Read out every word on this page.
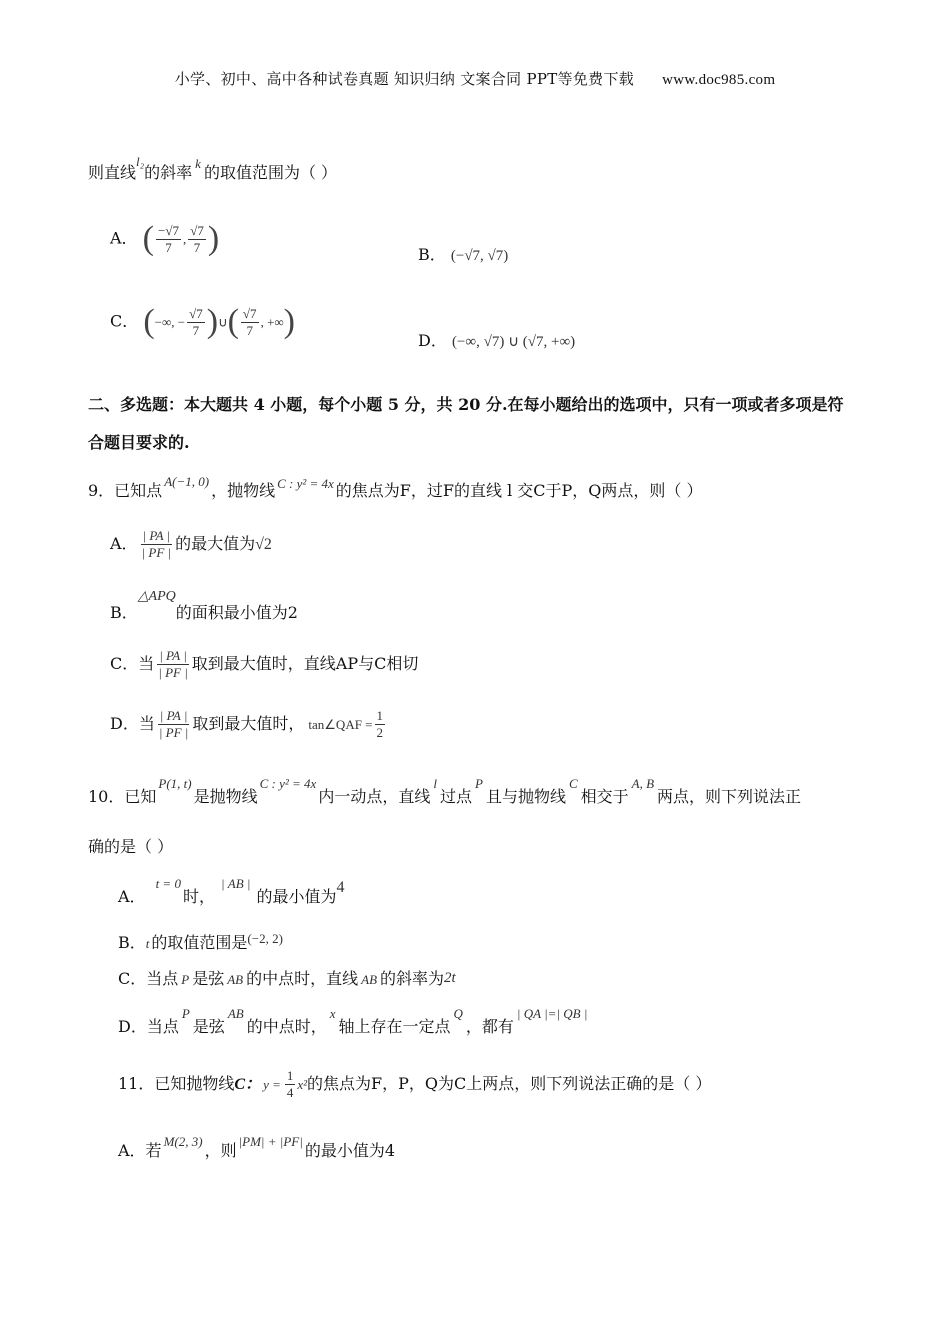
小学、初中、高中各种试卷真题 知识归纳 文案合同 PPT等免费下载 www.doc985.com
则直线$^{l_2}$的斜率 $^k$ 的取值范围为（ ）
A． ( $\frac{-√7}{7}$ , $\frac{√7}{7}$ )	B． (−√7, √7)
C． (−∞, − $\frac{√7}{7}$ )∪( $\frac{√7}{7}$ , +∞)
D． (−∞, √7) ∪ (√7, +∞)
二、多选题：本大题共 4 小题，每个小题 5 分，共 20 分.在每小题给出的选项中，只有一项或者多项是符
合题目要求的.
9．已知点 $^{A(-1, 0)}$ ，抛物线 $^{C : y^2 = 4x}$ 的焦点为F，过F的直线 l 交C于P，Q两点，则（ ）
A． $\frac{| PA |}{| PF |}$ 的最大值为√2
B．△APQ的面积最小值为2
C．当 $\frac{| PA |}{| PF |}$ 取到最大值时，直线AP与C相切
D．当 $\frac{| PA |}{| PF |}$ 取到最大值时， tan∠QAF = $\frac{1}{2}$
10．已知$^{P(1, t)}$是抛物线$^{C : y^2 = 4x}$内一动点，直线$^l$过点$^P$且与抛物线$^C$相交于$^{A, B}$两点，则下列说法正
确的是（ ）
A．t = 0时，| AB |的最小值为4
B．t 的取值范围是$^{(-2, 2)}$
C．当点 P 是弦 AB 的中点时，直线 AB 的斜率为2t
D．当点P是弦AB的中点时，x轴上存在一定点Q，都有| QA |=| QB |
11．已知抛物线C： $y = \frac{1}{4} x^2$的焦点为F，P，Q为C上两点，则下列说法正确的是（ ）
A．若 M(2, 3) ，则 |PM| + |PF| 的最小值为4
